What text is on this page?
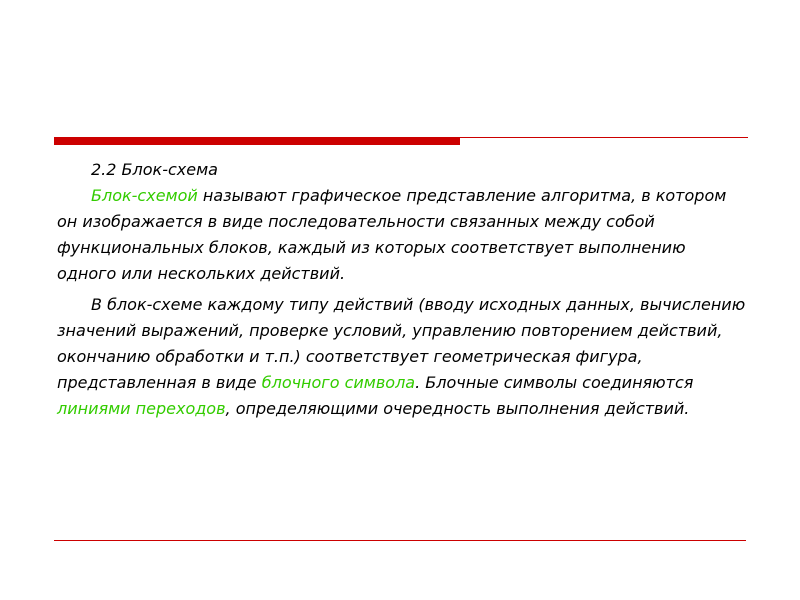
2.2 Блок-схема

Блок-схемой называют графическое представление алгоритма, в котором он изображается в виде последовательности связанных между собой функциональных блоков, каждый из которых соответствует выполнению одного или нескольких действий.

В блок-схеме каждому типу действий (вводу исходных данных, вычислению значений выражений, проверке условий, управлению повторением действий, окончанию обработки и т.п.) соответствует геометрическая фигура, представленная в виде блочного символа. Блочные символы соединяются линиями переходов, определяющими очередность выполнения действий.
